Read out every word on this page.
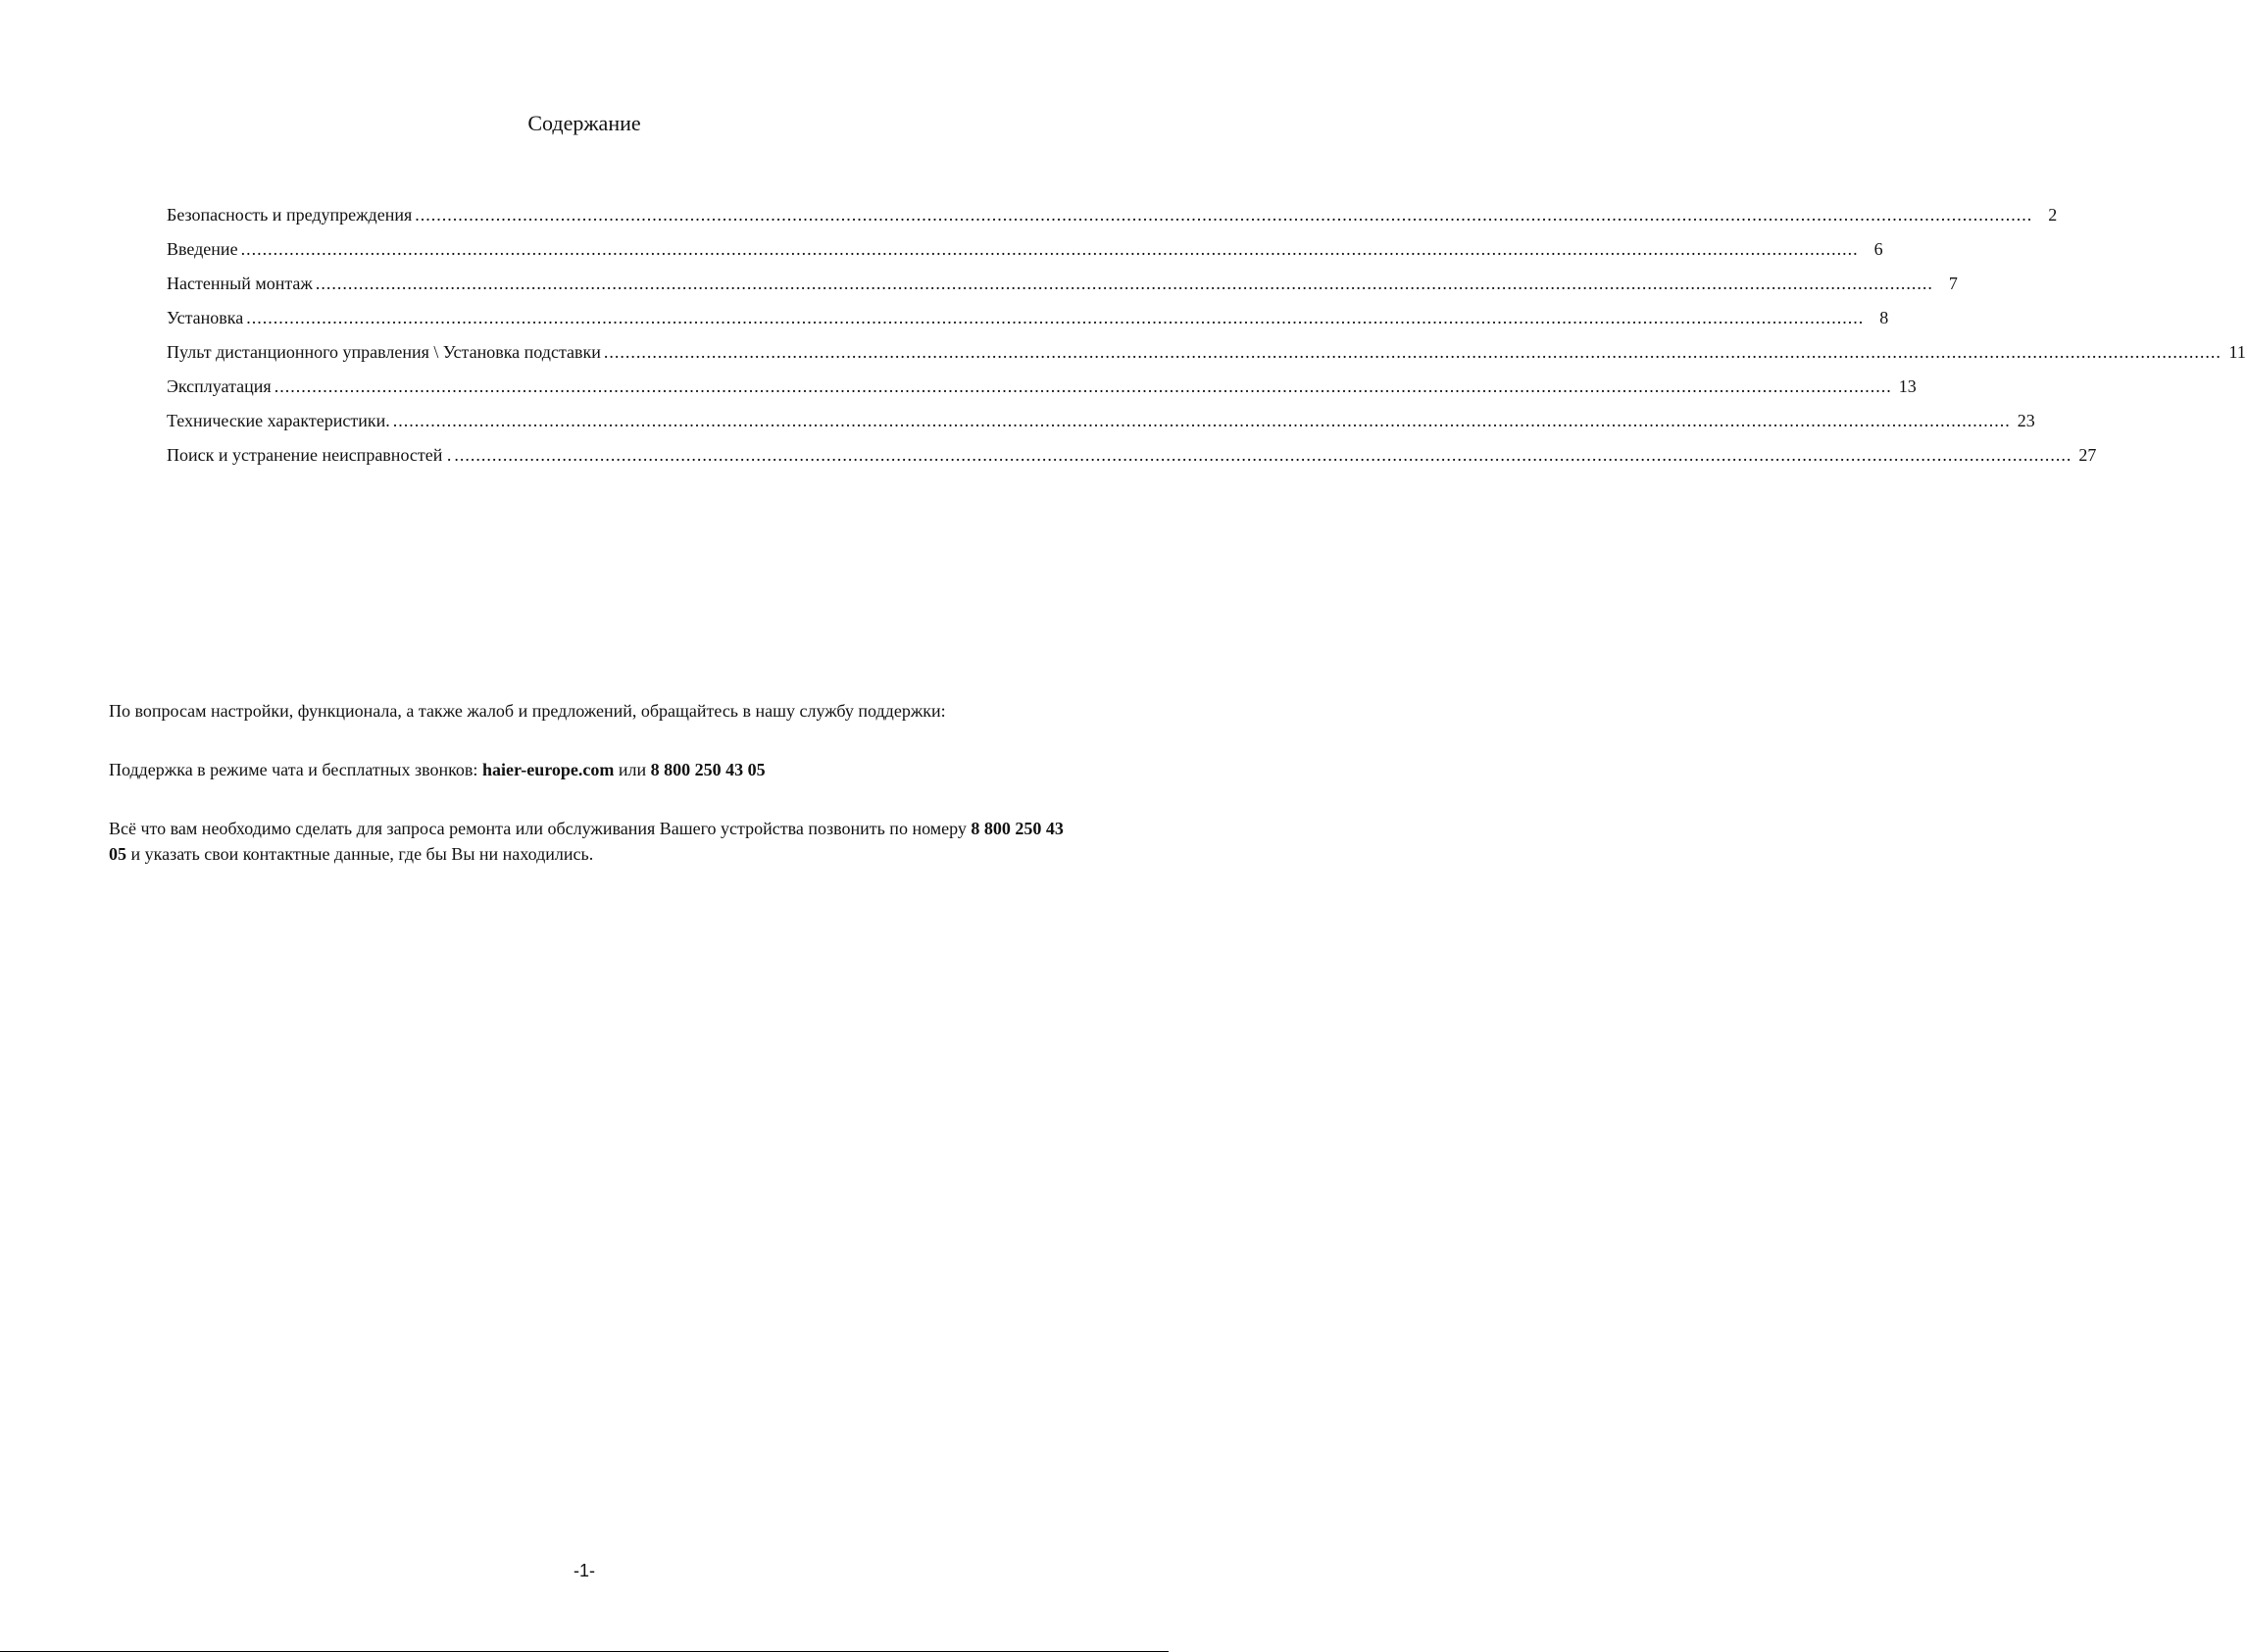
Содержание
Безопасность и предупреждения ............................................................................................................................................................................................................................................................................................................ 2
Введение ............................................................................................................................................................................................................................................................................................................ 6
Настенный монтаж ............................................................................................................................................................................................................................................................................................................ 7
Установка ............................................................................................................................................................................................................................................................................................................ 8
Пульт дистанционного управления \ Установка подставки ............................................................................................................................................................................................................................................................................................................ 11
Эксплуатация ............................................................................................................................................................................................................................................................................................................ 13
Технические характеристики. ............................................................................................................................................................................................................................................................................................................ 23
Поиск и устранение неисправностей . ............................................................................................................................................................................................................................................................................................................ 27
По вопросам настройки, функционала, а также жалоб и предложений, обращайтесь в нашу службу поддержки:
Поддержка в режиме чата и бесплатных звонков: haier-europe.com или 8 800 250 43 05
Всё что вам необходимо сделать для запроса ремонта или обслуживания Вашего устройства позвонить по номеру 8 800 250 43 05 и указать свои контактные данные, где бы Вы ни находились.
-1-
